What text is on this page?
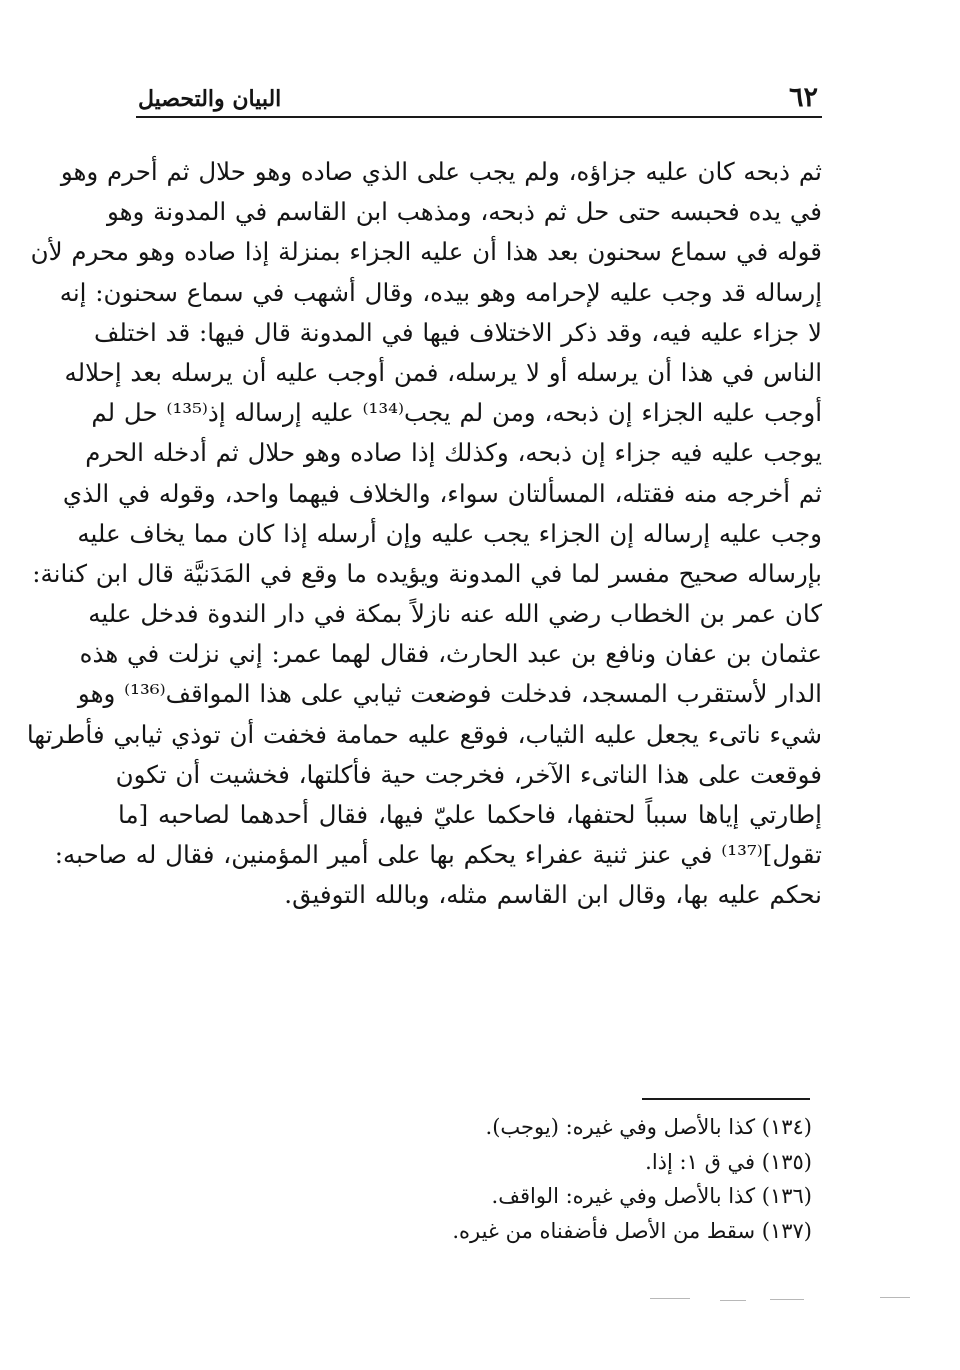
٦٢
البيان والتحصيل
ثم ذبحه كان عليه جزاؤه، ولم يجب على الذي صاده وهو حلال ثم أحرم وهو
في يده فحبسه حتى حل ثم ذبحه، ومذهب ابن القاسم في المدونة وهو
قوله في سماع سحنون بعد هذا أن عليه الجزاء بمنزلة إذا صاده وهو محرم لأن
إرساله قد وجب عليه لإحرامه وهو بيده، وقال أشهب في سماع سحنون: إنه
لا جزاء عليه فيه، وقد ذكر الاختلاف فيها في المدونة قال فيها: قد اختلف
الناس في هذا أن يرسله أو لا يرسله، فمن أوجب عليه أن يرسله بعد إحلاله
أوجب عليه الجزاء إن ذبحه، ومن لم يجب⁽¹³⁴⁾ عليه إرساله إذ⁽¹³⁵⁾ حل لم
يوجب عليه فيه جزاء إن ذبحه، وكذلك إذا صاده وهو حلال ثم أدخله الحرم
ثم أخرجه منه فقتله، المسألتان سواء، والخلاف فيهما واحد، وقوله في الذي
وجب عليه إرساله إن الجزاء يجب عليه وإن أرسله إذا كان مما يخاف عليه
بإرساله صحيح مفسر لما في المدونة ويؤيده ما وقع في المَدَنيَّة قال ابن كنانة:
كان عمر بن الخطاب رضي الله عنه نازلاً بمكة في دار الندوة فدخل عليه
عثمان بن عفان ونافع بن عبد الحارث، فقال لهما عمر: إني نزلت في هذه
الدار لأستقرب المسجد، فدخلت فوضعت ثيابي على هذا المواقف⁽¹³⁶⁾ وهو
شيء ناتىء يجعل عليه الثياب، فوقع عليه حمامة فخفت أن توذي ثيابي فأطرتها
فوقعت على هذا الناتىء الآخر، فخرجت حية فأكلتها، فخشيت أن تكون
إطارتي إياها سبباً لحتفها، فاحكما عليّ فيها، فقال أحدهما لصاحبه [ما
تقول]⁽¹³⁷⁾ في عنز ثنية عفراء يحكم بها على أمير المؤمنين، فقال له صاحبه:
نحكم عليه بها، وقال ابن القاسم مثله، وبالله التوفيق.
(١٣٤) كذا بالأصل وفي غيره: (يوجب).
(١٣٥) في ق ١: إذا.
(١٣٦) كذا بالأصل وفي غيره: الواقف.
(١٣٧) سقط من الأصل فأضفناه من غيره.
